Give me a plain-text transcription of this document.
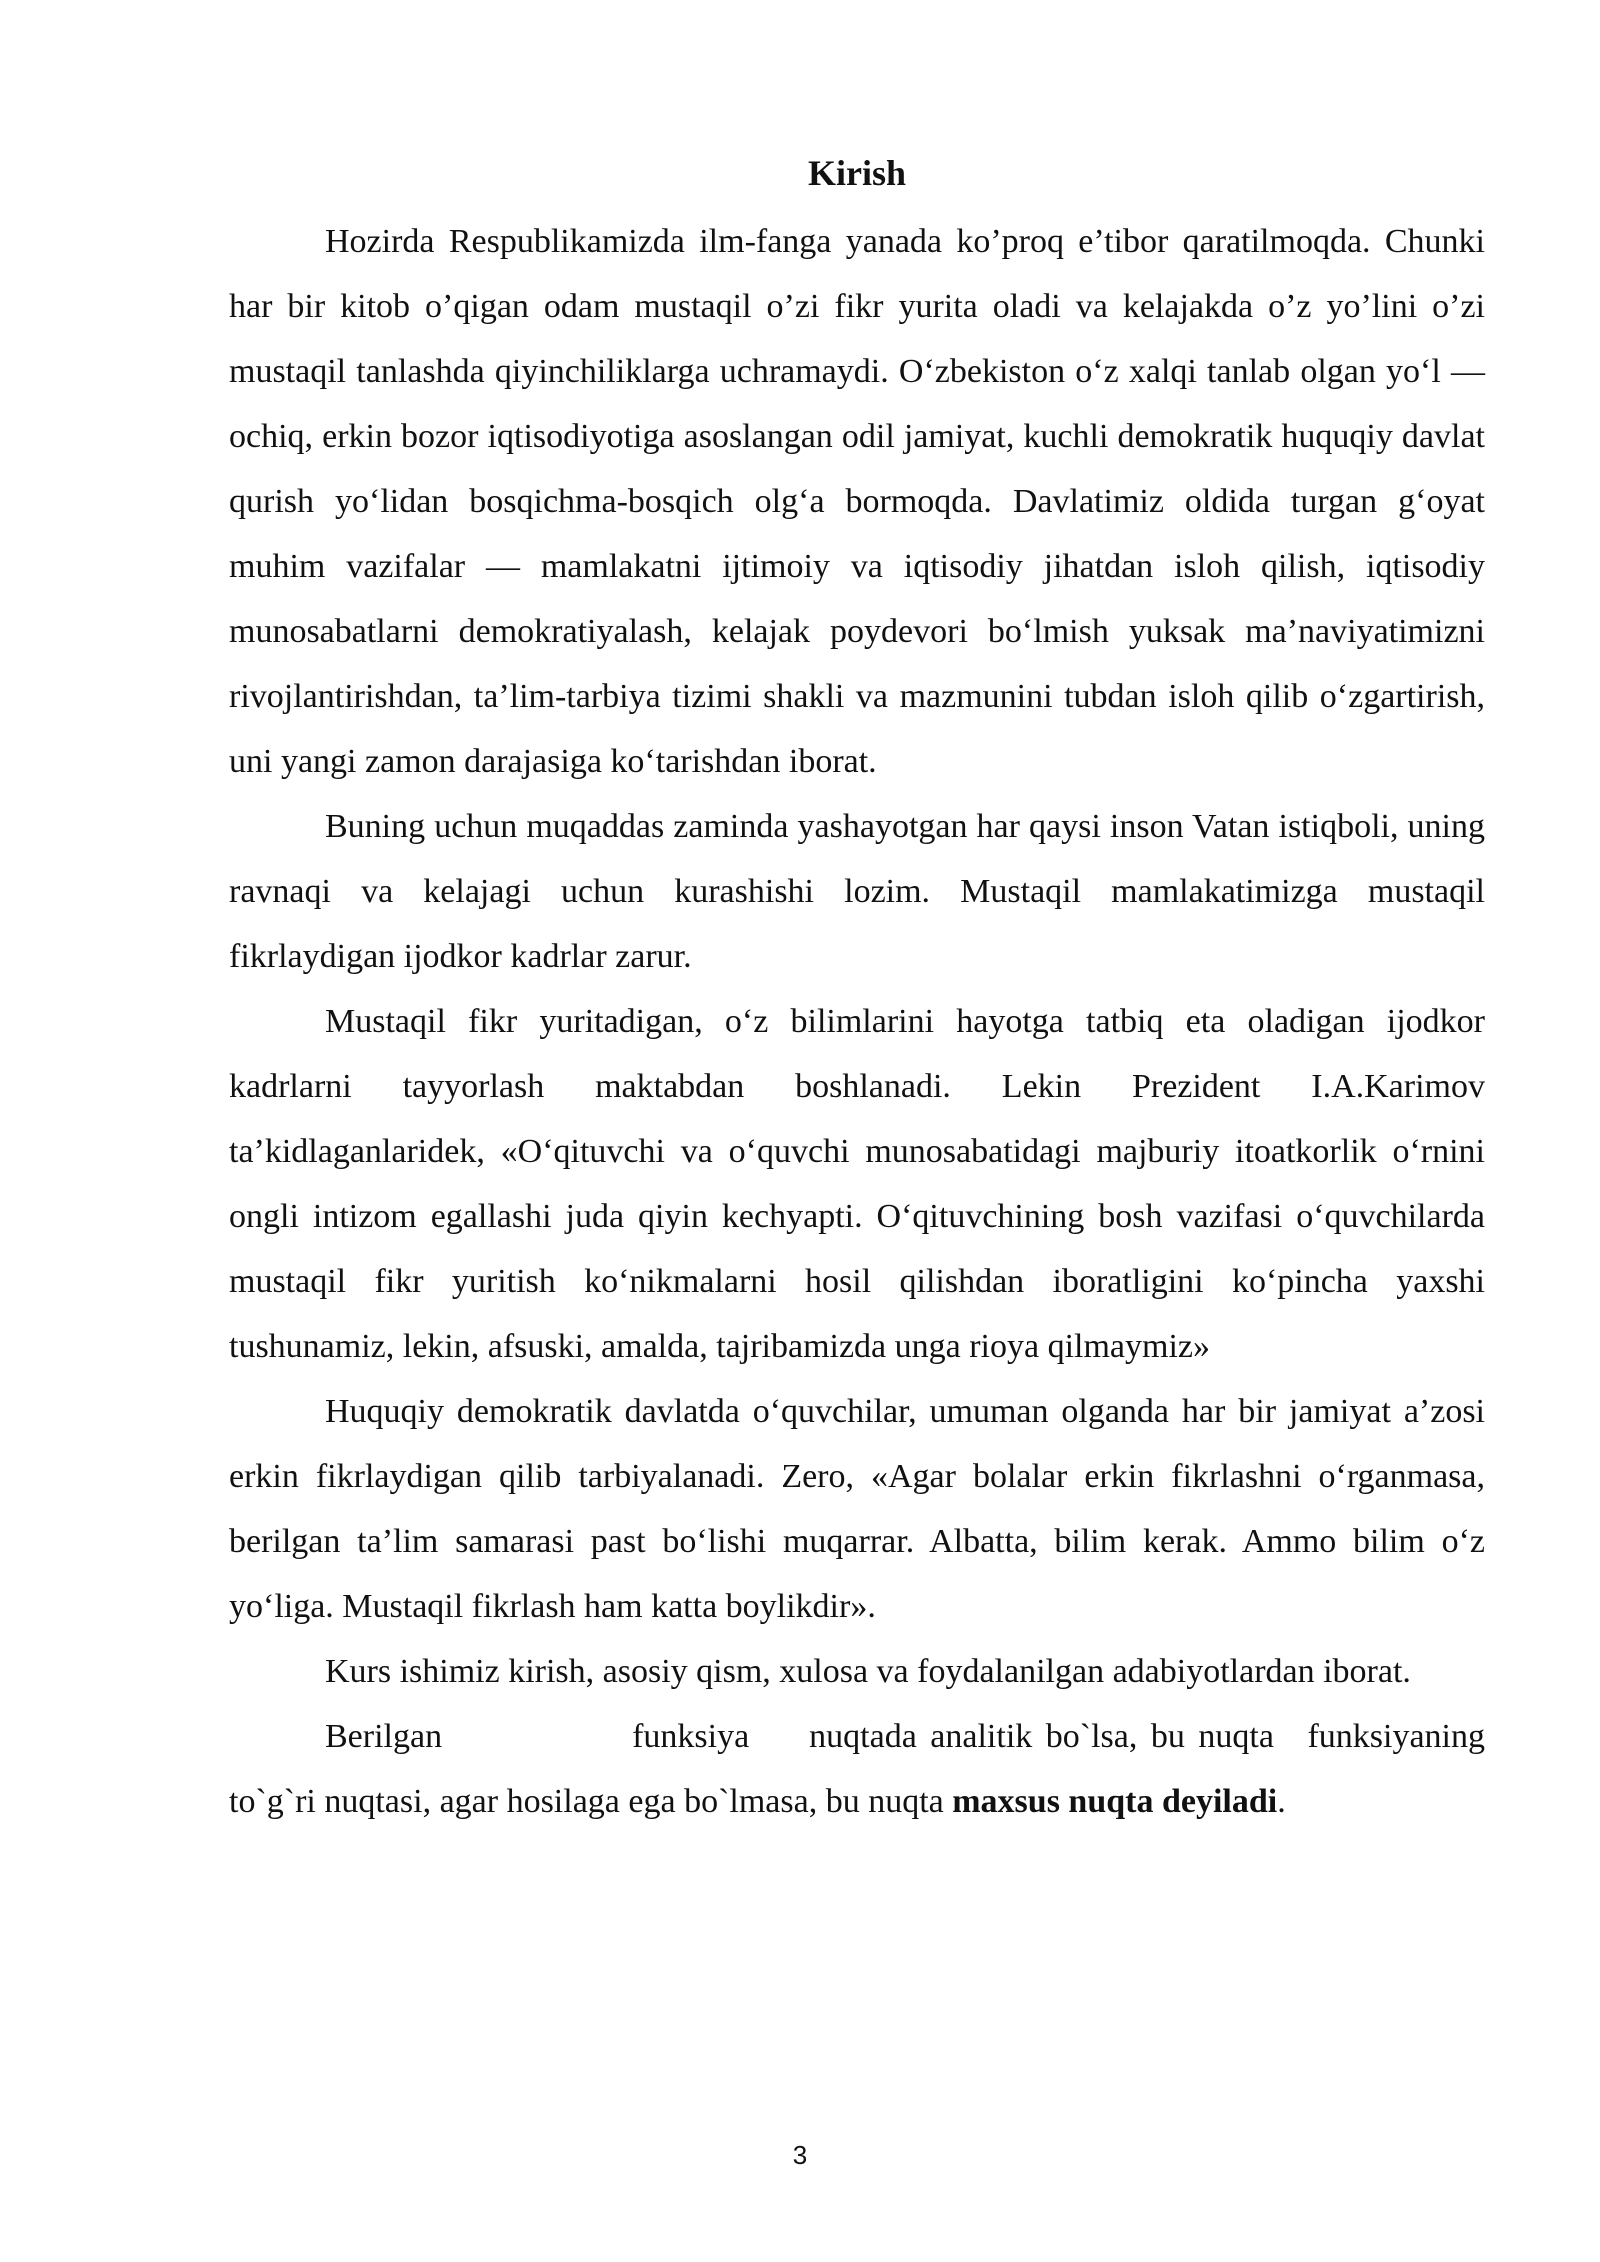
Kirish

Hozirda Respublikamizda ilm-fanga yanada ko’proq e’tibor qaratilmoqda. Chunki har bir kitob o’qigan odam mustaqil o’zi fikr yurita oladi va kelajakda o’z yo’lini o’zi mustaqil tanlashda qiyinchiliklarga uchramaydi. O‘zbekiston o‘z xalqi tanlab olgan yo‘l — ochiq, erkin bozor iqtisodiyotiga asoslangan odil jamiyat, kuchli demokratik huquqiy davlat qurish yo‘lidan bosqichma-bosqich olg‘a bormoqda. Davlatimiz oldida turgan g‘oyat muhim vazifalar — mamlakatni ijtimoiy va iqtisodiy jihatdan isloh qilish, iqtisodiy munosabatlarni demokratiyalash, kelajak poydevori bo‘lmish yuksak ma’naviyatimizni rivojlantirishdan, ta’lim-tarbiya tizimi shakli va mazmunini tubdan isloh qilib o‘zgartirish, uni yangi zamon darajasiga ko‘tarishdan iborat.

Buning uchun muqaddas zaminda yashayotgan har qaysi inson Vatan istiqboli, uning ravnaqi va kelajagi uchun kurashishi lozim. Mustaqil mamlakatimizga mustaqil fikrlaydigan ijodkor kadrlar zarur.

Mustaqil fikr yuritadigan, o‘z bilimlarini hayotga tatbiq eta oladigan ijodkor kadrlarni tayyorlash maktabdan boshlanadi. Lekin Prezident I.A.Karimov ta’kidlaganlaridek, «O‘qituvchi va o‘quvchi munosabatidagi majburiy itoatkorlik o‘rnini ongli intizom egallashi juda qiyin kechyapti. O‘qituvchining bosh vazifasi o‘quvchilarda mustaqil fikr yuritish ko‘nikmalarni hosil qilishdan iboratligini ko‘pincha yaxshi tushunamiz, lekin, afsuski, amalda, tajribamizda unga rioya qilmaymiz»

Huquqiy demokratik davlatda o‘quvchilar, umuman olganda har bir jamiyat a’zosi erkin fikrlaydigan qilib tarbiyalanadi. Zero, «Agar bolalar erkin fikrlashni o‘rganmasa, berilgan ta’lim samarasi past bo‘lishi muqarrar. Albatta, bilim kerak. Ammo bilim o‘z yo‘liga. Mustaqil fikrlash ham katta boylikdir».

Kurs ishimiz kirish, asosiy qism, xulosa va foydalanilgan adabiyotlardan iborat.

Berilgan	funksiya nuqtada analitik bo`lsa, bu nuqta funksiyaning to`g`ri nuqtasi, agar hosilaga ega bo`lmasa, bu nuqta maxsus nuqta deyiladi.

3
